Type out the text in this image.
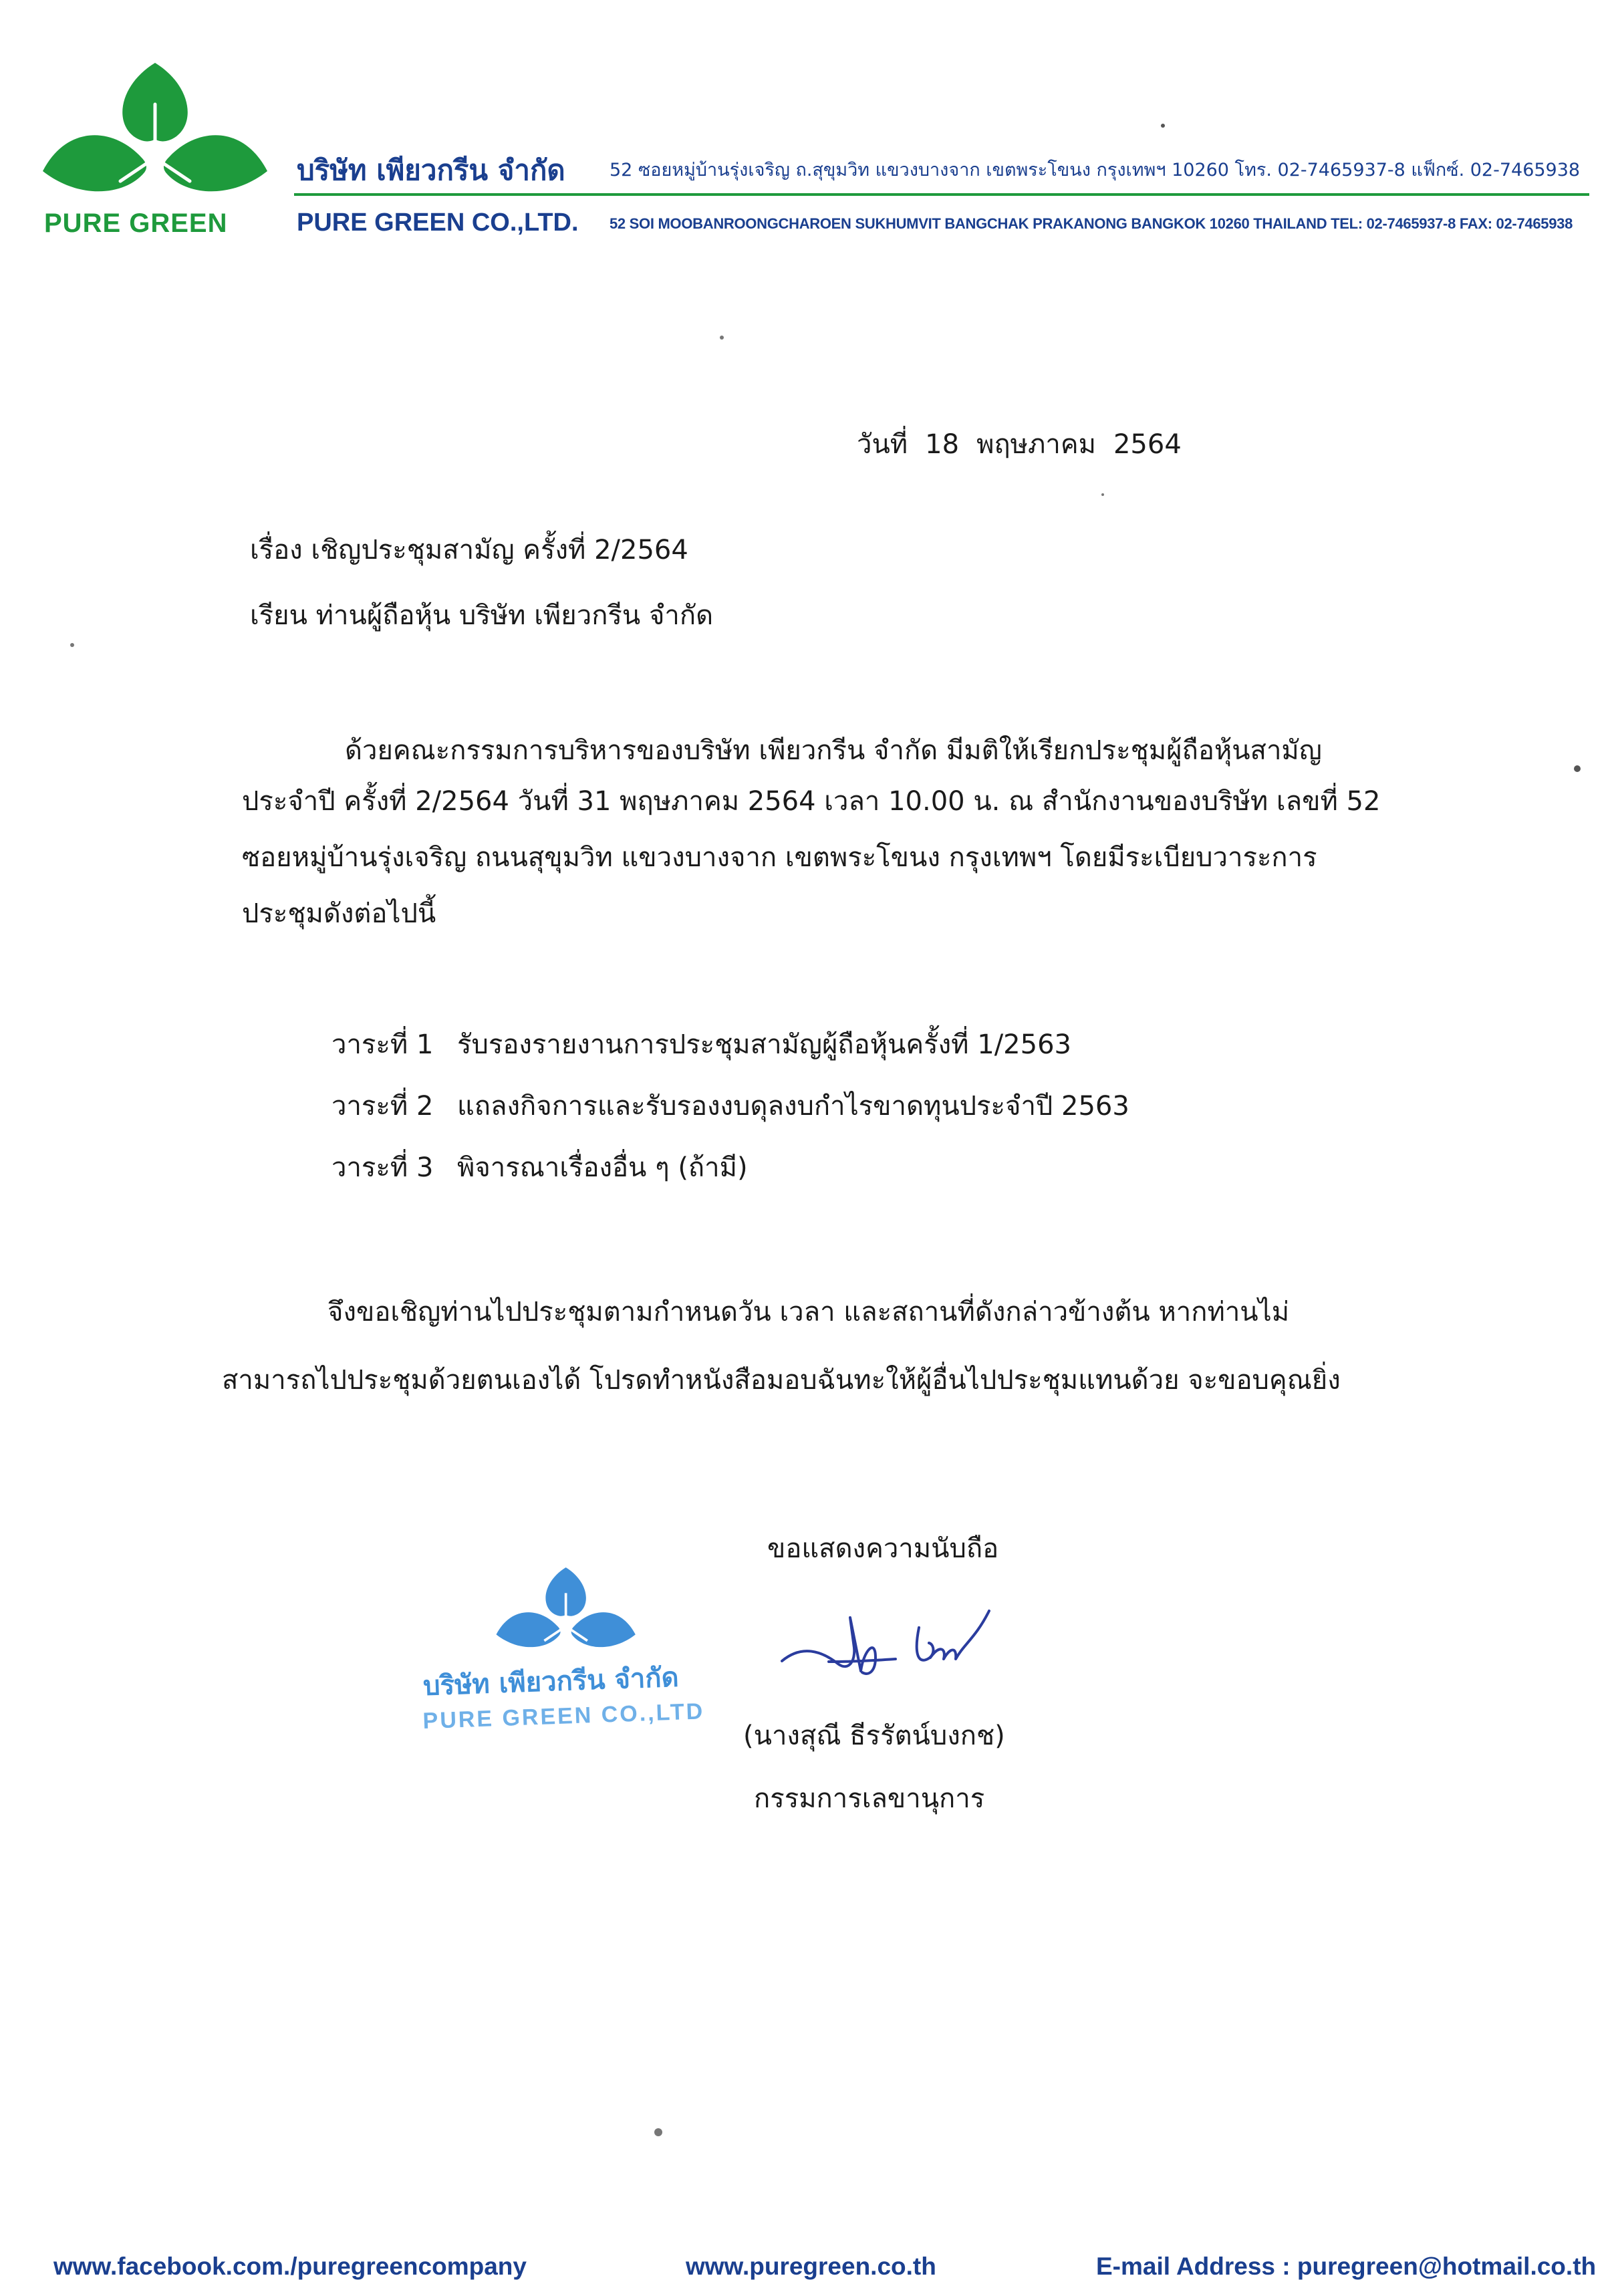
PURE GREEN
บริษัท เพียวกรีน จำกัด 52 ซอยหมู่บ้านรุ่งเจริญ ถ.สุขุมวิท แขวงบางจาก เขตพระโขนง กรุงเทพฯ 10260 โทร. 02-7465937-8 แฟ็กซ์. 02-7465938
PURE GREEN CO.,LTD. 52 SOI MOOBANROONGCHAROEN SUKHUMVIT BANGCHAK PRAKANONG BANGKOK 10260 THAILAND TEL: 02-7465937-8 FAX: 02-7465938
วันที่ 18 พฤษภาคม 2564
เรื่อง เชิญประชุมสามัญ ครั้งที่ 2/2564
เรียน ท่านผู้ถือหุ้น บริษัท เพียวกรีน จำกัด
ด้วยคณะกรรมการบริหารของบริษัท เพียวกรีน จำกัด มีมติให้เรียกประชุมผู้ถือหุ้นสามัญ
ประจำปี ครั้งที่ 2/2564 วันที่ 31 พฤษภาคม 2564 เวลา 10.00 น. ณ สำนักงานของบริษัท เลขที่ 52
ซอยหมู่บ้านรุ่งเจริญ ถนนสุขุมวิท แขวงบางจาก เขตพระโขนง กรุงเทพฯ โดยมีระเบียบวาระการ
ประชุมดังต่อไปนี้
วาระที่ 1 รับรองรายงานการประชุมสามัญผู้ถือหุ้นครั้งที่ 1/2563
วาระที่ 2 แถลงกิจการและรับรองงบดุลงบกำไรขาดทุนประจำปี 2563
วาระที่ 3 พิจารณาเรื่องอื่น ๆ (ถ้ามี)
จึงขอเชิญท่านไปประชุมตามกำหนดวัน เวลา และสถานที่ดังกล่าวข้างต้น หากท่านไม่
สามารถไปประชุมด้วยตนเองได้ โปรดทำหนังสือมอบฉันทะให้ผู้อื่นไปประชุมแทนด้วย จะขอบคุณยิ่ง
ขอแสดงความนับถือ
บริษัท เพียวกรีน จำกัด
PURE GREEN CO.,LTD
(นางสุณี ธีรรัตน์บงกช)
กรรมการเลขานุการ
www.facebook.com./puregreencompany	www.puregreen.co.th	E-mail Address : puregreen@hotmail.co.th
